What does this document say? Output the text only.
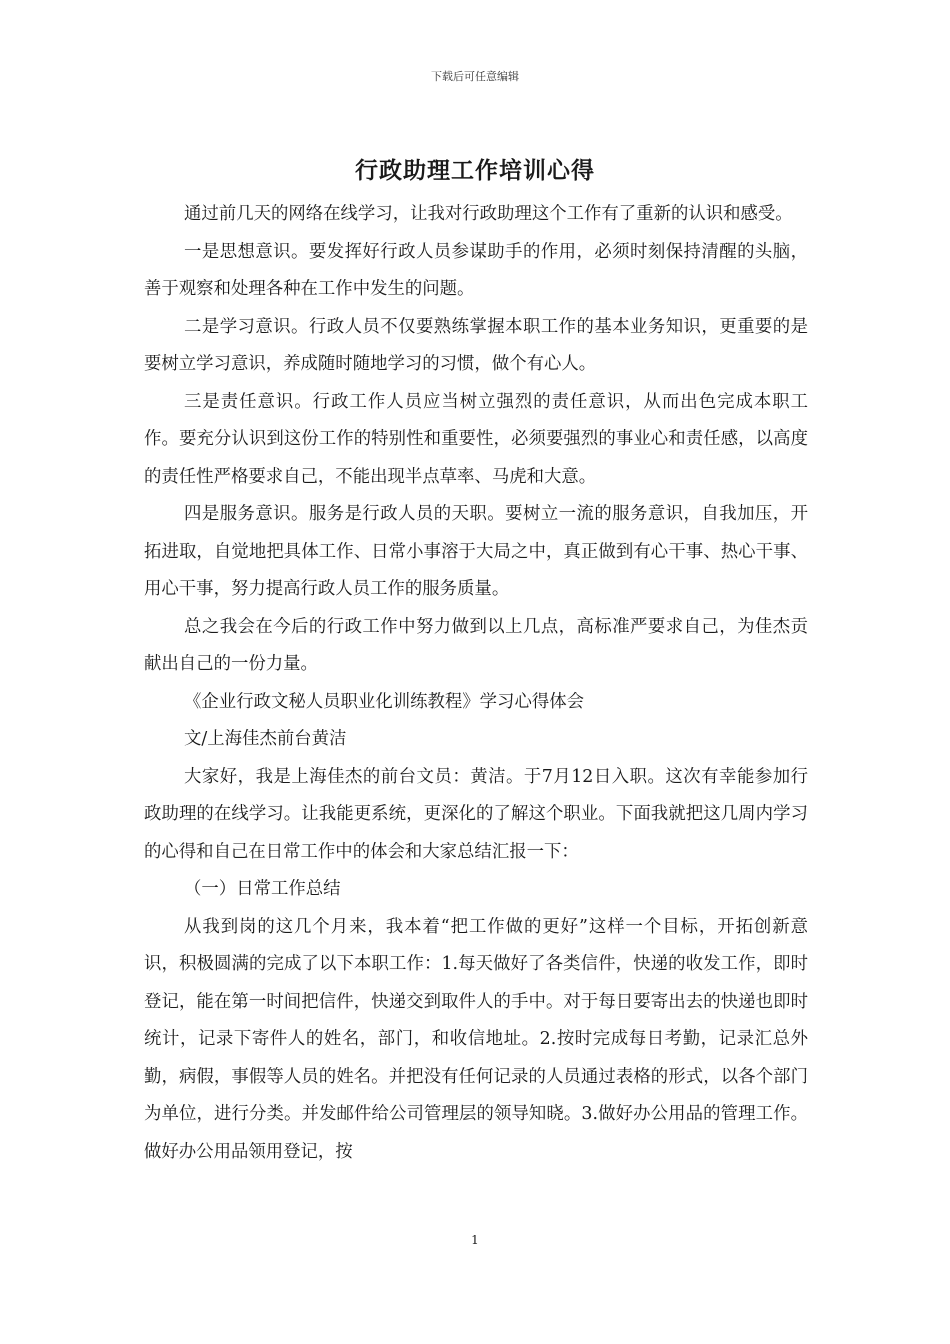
下载后可任意编辑
行政助理工作培训心得

通过前几天的网络在线学习，让我对行政助理这个工作有了重新的认识和感受。

一是思想意识。要发挥好行政人员参谋助手的作用，必须时刻保持清醒的头脑，善于观察和处理各种在工作中发生的问题。

二是学习意识。行政人员不仅要熟练掌握本职工作的基本业务知识，更重要的是要树立学习意识，养成随时随地学习的习惯，做个有心人。

三是责任意识。行政工作人员应当树立强烈的责任意识，从而出色完成本职工作。要充分认识到这份工作的特别性和重要性，必须要强烈的事业心和责任感，以高度的责任性严格要求自己，不能出现半点草率、马虎和大意。

四是服务意识。服务是行政人员的天职。要树立一流的服务意识，自我加压，开拓进取，自觉地把具体工作、日常小事溶于大局之中，真正做到有心干事、热心干事、用心干事，努力提高行政人员工作的服务质量。

总之我会在今后的行政工作中努力做到以上几点，高标准严要求自己，为佳杰贡献出自己的一份力量。

《企业行政文秘人员职业化训练教程》学习心得体会

文/上海佳杰前台黄洁

大家好，我是上海佳杰的前台文员：黄洁。于7月12日入职。这次有幸能参加行政助理的在线学习。让我能更系统，更深化的了解这个职业。下面我就把这几周内学习的心得和自己在日常工作中的体会和大家总结汇报一下：

（一）日常工作总结

从我到岗的这几个月来，我本着“把工作做的更好”这样一个目标，开拓创新意识，积极圆满的完成了以下本职工作：1.每天做好了各类信件，快递的收发工作，即时登记，能在第一时间把信件，快递交到取件人的手中。对于每日要寄出去的快递也即时统计，记录下寄件人的姓名，部门，和收信地址。2.按时完成每日考勤，记录汇总外勤，病假，事假等人员的姓名。并把没有任何记录的人员通过表格的形式，以各个部门为单位，进行分类。并发邮件给公司管理层的领导知晓。3.做好办公用品的管理工作。做好办公用品领用登记，按

1
